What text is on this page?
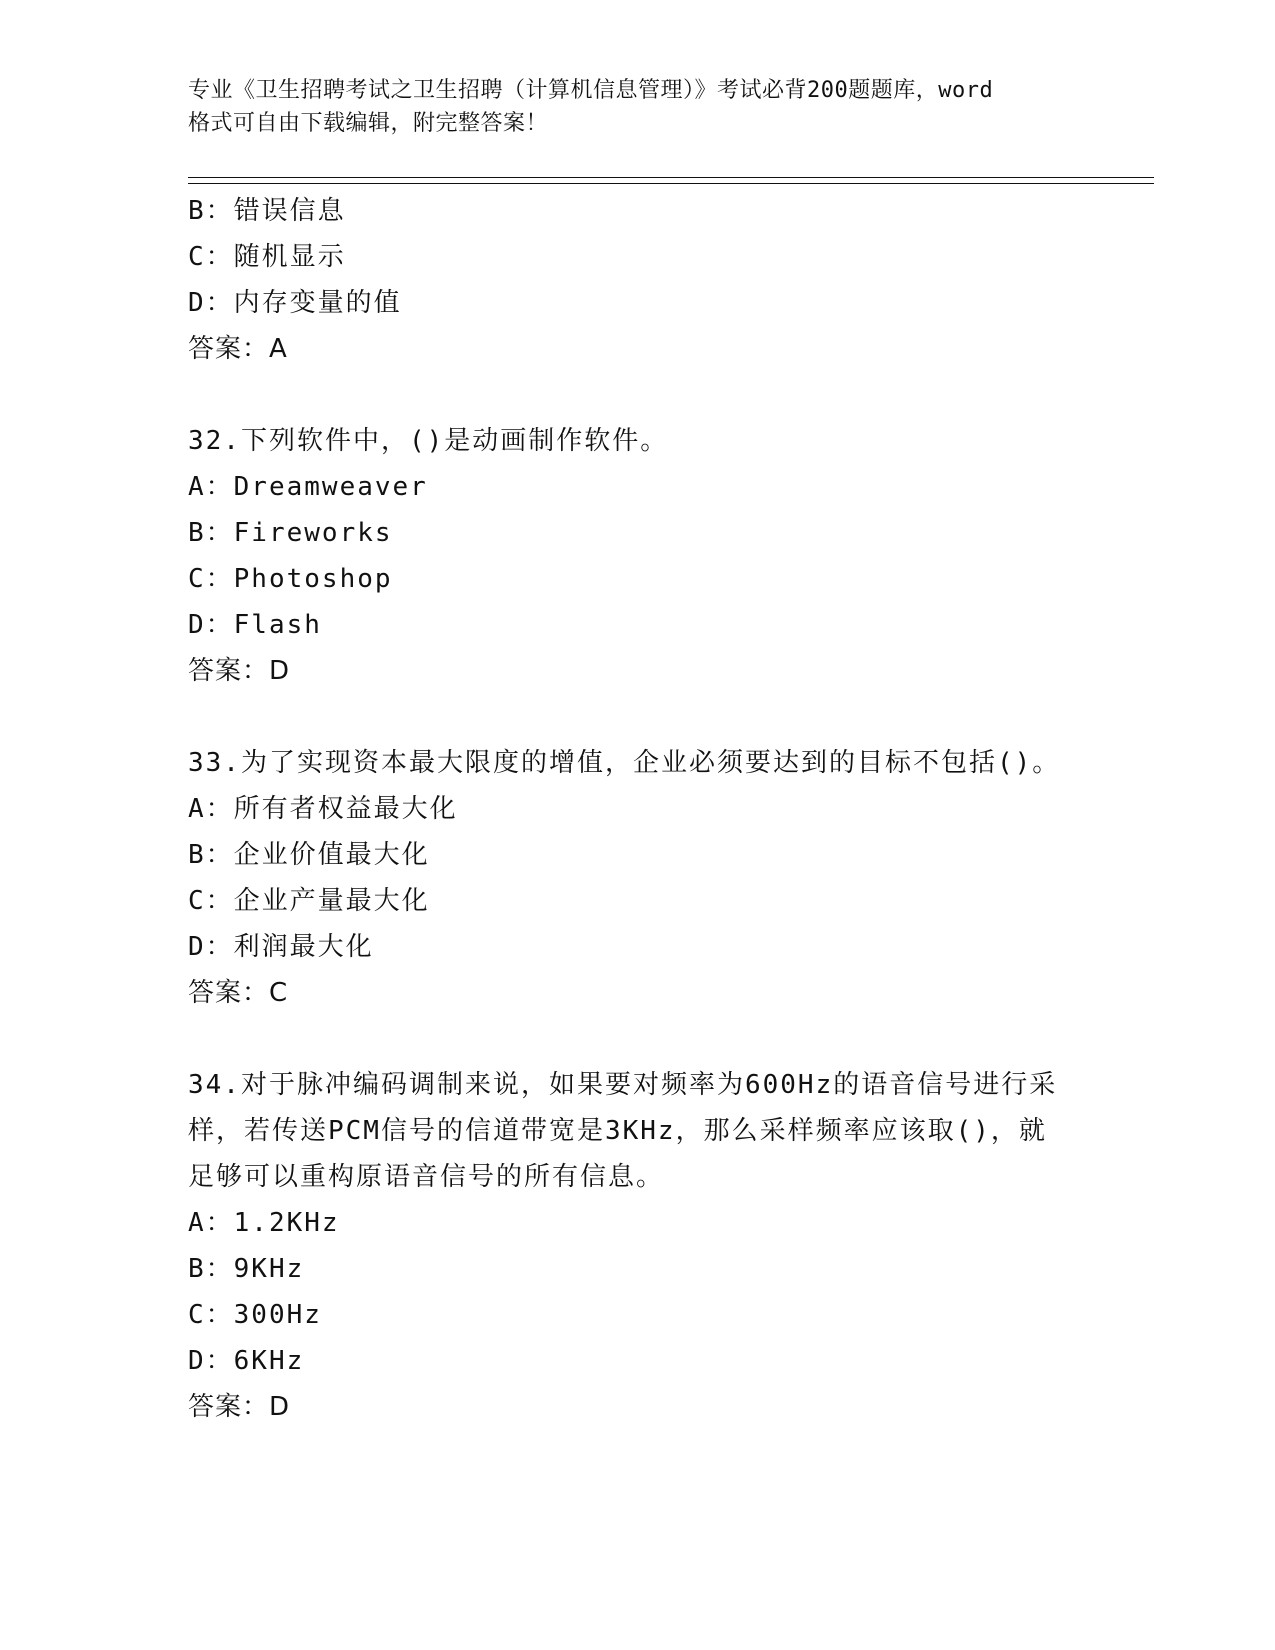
专业《卫生招聘考试之卫生招聘（计算机信息管理）》考试必背200题题库，word
格式可自由下载编辑，附完整答案！
B：错误信息
C：随机显示
D：内存变量的值
答案：A
32.下列软件中，()是动画制作软件。
A：Dreamweaver
B：Fireworks
C：Photoshop
D：Flash
答案：D
33.为了实现资本最大限度的增值，企业必须要达到的目标不包括()。
A：所有者权益最大化
B：企业价值最大化
C：企业产量最大化
D：利润最大化
答案：C
34.对于脉冲编码调制来说，如果要对频率为600Hz的语音信号进行采
样，若传送PCM信号的信道带宽是3KHz，那么采样频率应该取()，就
足够可以重构原语音信号的所有信息。
A：1.2KHz
B：9KHz
C：300Hz
D：6KHz
答案：D
